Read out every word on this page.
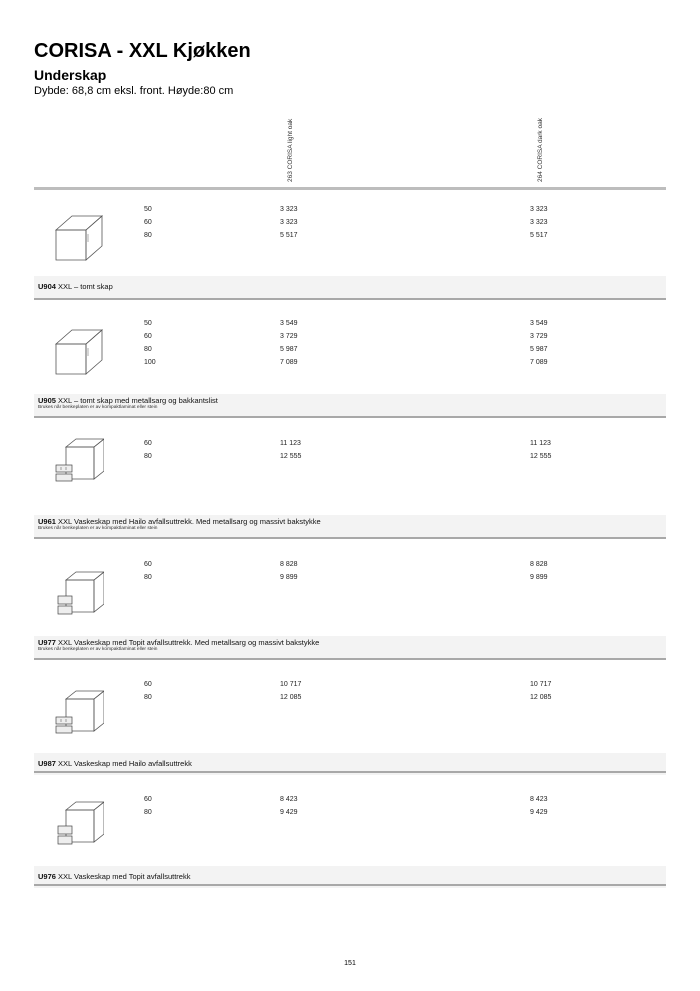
CORISA - XXL Kjøkken
Underskap
Dybde: 68,8 cm eksl. front. Høyde:80 cm
263 CORISA light oak	264 CORISA dark oak
50	3 323	3 323
60	3 323	3 323
80	5 517	5 517
U904 XXL – tomt skap
50	3 549	3 549
60	3 729	3 729
80	5 987	5 987
100	7 089	7 089
U905 XXL – tomt skap med metallsarg og bakkantslist
Brukes når benkeplaten er av kompaktlaminat eller stein
60	11 123	11 123
80	12 555	12 555
U961 XXL Vaskeskap med Hailo avfallsuttrekk. Med metallsarg og massivt bakstykke
Brukes når benkeplaten er av kompaktlaminat eller stein
60	8 828	8 828
80	9 899	9 899
U977 XXL Vaskeskap med Topit avfallsuttrekk. Med metallsarg og massivt bakstykke
Brukes når benkeplaten er av kompaktlaminat eller stein
60	10 717	10 717
80	12 085	12 085
U987 XXL Vaskeskap med Hailo avfallsuttrekk
60	8 423	8 423
80	9 429	9 429
U976 XXL Vaskeskap med Topit avfallsuttrekk
151
